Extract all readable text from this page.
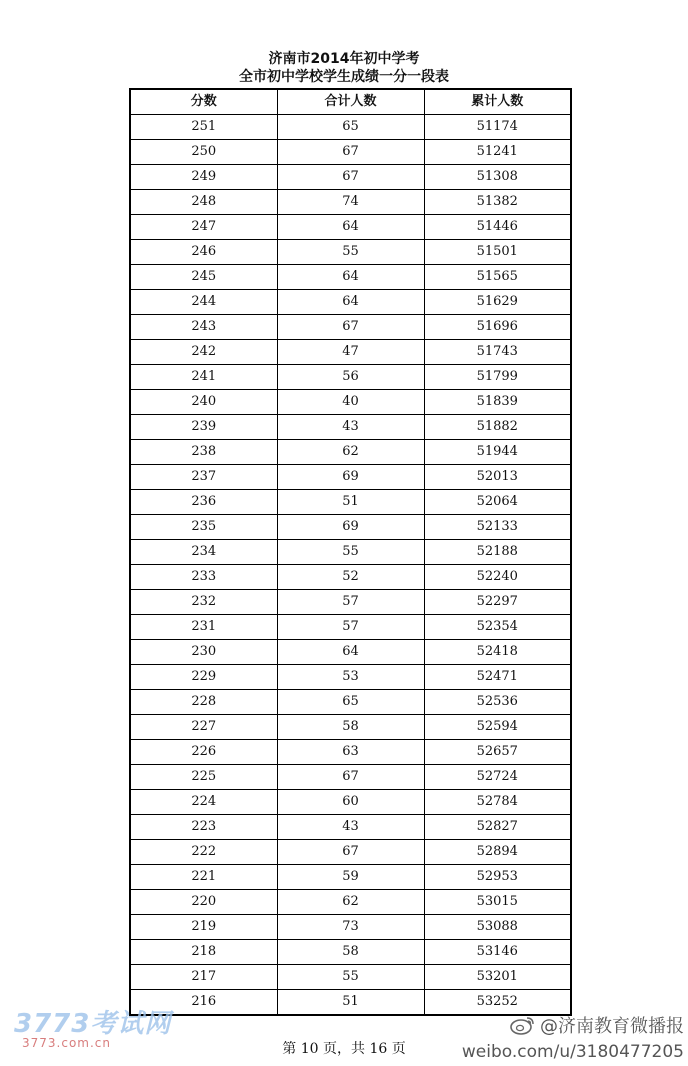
济南市2014年初中学考
全市初中学校学生成绩一分一段表
分数	合计人数	累计人数
251	65	51174
250	67	51241
249	67	51308
248	74	51382
247	64	51446
246	55	51501
245	64	51565
244	64	51629
243	67	51696
242	47	51743
241	56	51799
240	40	51839
239	43	51882
238	62	51944
237	69	52013
236	51	52064
235	69	52133
234	55	52188
233	52	52240
232	57	52297
231	57	52354
230	64	52418
229	53	52471
228	65	52536
227	58	52594
226	63	52657
225	67	52724
224	60	52784
223	43	52827
222	67	52894
221	59	52953
220	62	53015
219	73	53088
218	58	53146
217	55	53201
216	51	53252
第 10 页，共 16 页
3773考试网
3773.com.cn
@济南教育微播报
weibo.com/u/3180477205
